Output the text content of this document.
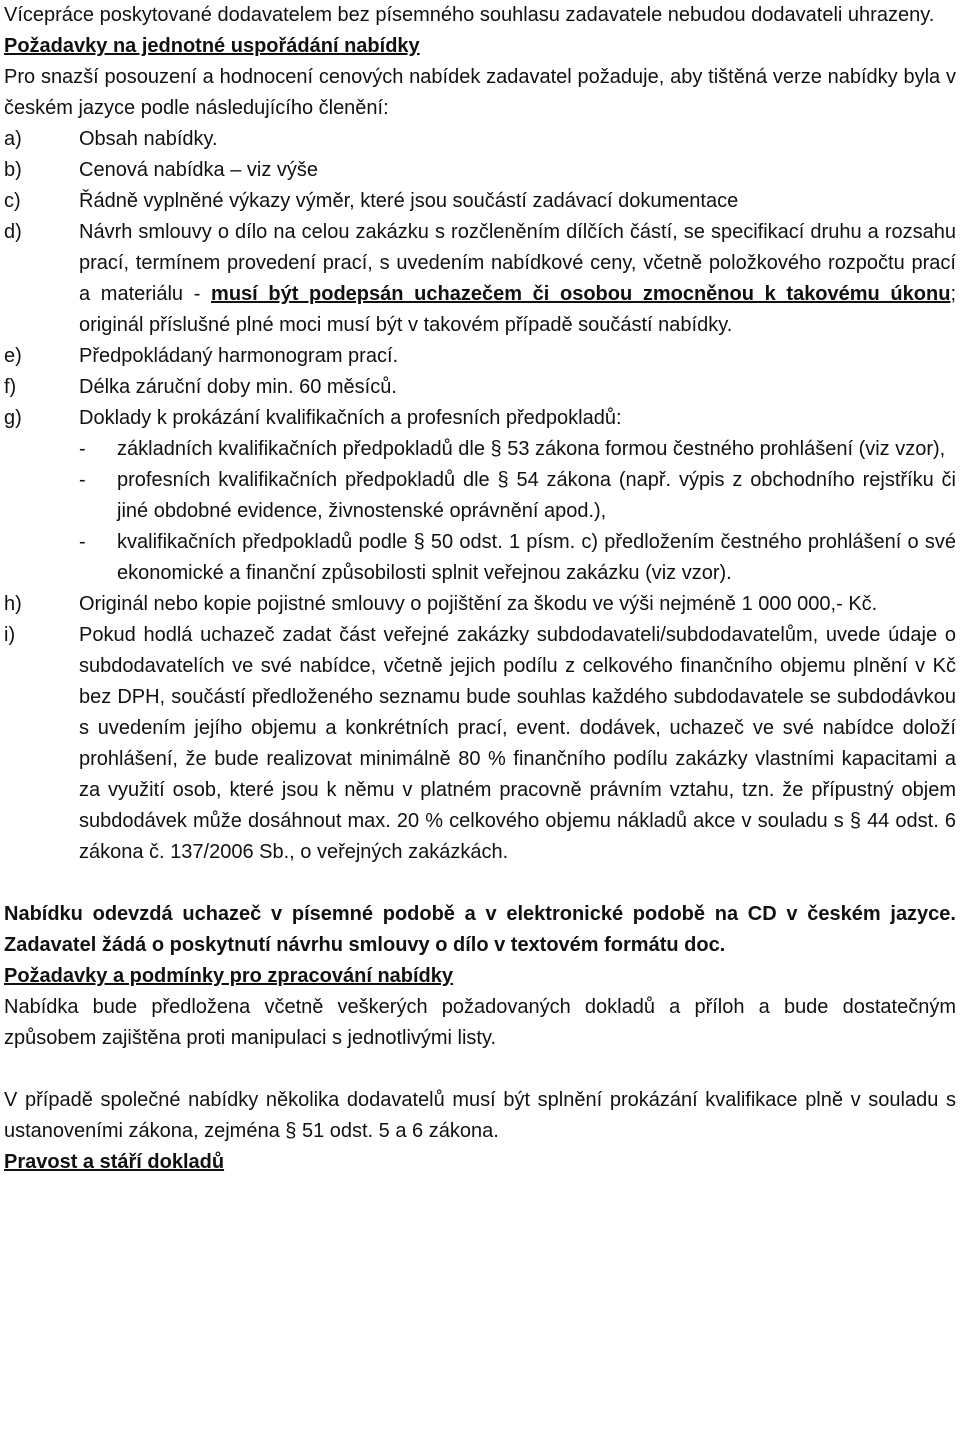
Vícepráce poskytované dodavatelem bez písemného souhlasu zadavatele nebudou dodavateli uhrazeny.

Požadavky na jednotné uspořádání nabídky

Pro snazší posouzení a hodnocení cenových nabídek zadavatel požaduje, aby tištěná verze nabídky byla v českém jazyce podle následujícího členění:

a)	Obsah nabídky.
b)	Cenová nabídka – viz výše
c)	Řádně vyplněné výkazy výměr, které jsou součástí zadávací dokumentace
d)	Návrh smlouvy o dílo na celou zakázku s rozčleněním dílčích částí, se specifikací druhu a rozsahu prací, termínem provedení prací, s uvedením nabídkové ceny, včetně položkového rozpočtu prací a materiálu - musí být podepsán uchazečem či osobou zmocněnou k takovému úkonu; originál příslušné plné moci musí být v takovém případě součástí nabídky.
e)	Předpokládaný harmonogram prací.
f)	Délka záruční doby min. 60 měsíců.
g)	Doklady k prokázání kvalifikačních a profesních předpokladů:
-	základních kvalifikačních předpokladů dle § 53 zákona formou čestného prohlášení (viz vzor),
-	profesních kvalifikačních předpokladů dle § 54 zákona (např. výpis z obchodního rejstříku či jiné obdobné evidence, živnostenské oprávnění apod.),
-	kvalifikačních předpokladů podle § 50 odst. 1 písm. c) předložením čestného prohlášení o své ekonomické a finanční způsobilosti splnit veřejnou zakázku (viz vzor).
h)	Originál nebo kopie pojistné smlouvy o pojištění za škodu ve výši nejméně 1 000 000,- Kč.
i)	Pokud hodlá uchazeč zadat část veřejné zakázky subdodavateli/subdodavatelům, uvede údaje o subdodavatelích ve své nabídce, včetně jejich podílu z celkového finančního objemu plnění v Kč bez DPH, součástí předloženého seznamu bude souhlas každého subdodavatele se subdodávkou s uvedením jejího objemu a konkrétních prací, event. dodávek, uchazeč ve své nabídce doloží prohlášení, že bude realizovat minimálně 80 % finančního podílu zakázky vlastními kapacitami a za využití osob, které jsou k němu v platném pracovně právním vztahu, tzn. že přípustný objem subdodávek může dosáhnout max. 20 % celkového objemu nákladů akce v souladu s § 44 odst. 6 zákona č. 137/2006 Sb., o veřejných zakázkách.

Nabídku odevzdá uchazeč v písemné podobě a v elektronické podobě na CD v českém jazyce. Zadavatel žádá o poskytnutí návrhu smlouvy o dílo v textovém formátu doc.

Požadavky a podmínky pro zpracování nabídky

Nabídka bude předložena včetně veškerých požadovaných dokladů a příloh a bude dostatečným způsobem zajištěna proti manipulaci s jednotlivými listy.

V případě společné nabídky několika dodavatelů musí být splnění prokázání kvalifikace plně v souladu s ustanoveními zákona, zejména § 51 odst. 5 a 6 zákona.

Pravost a stáří dokladů
